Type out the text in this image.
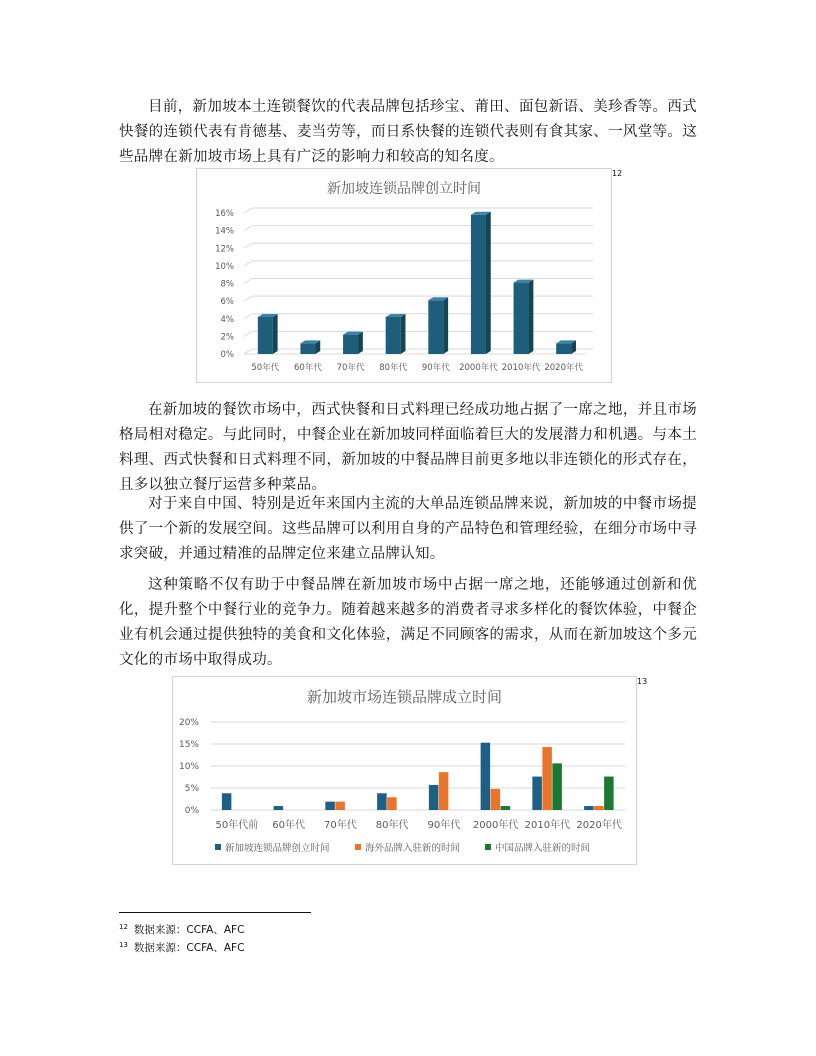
目前，新加坡本土连锁餐饮的代表品牌包括珍宝、莆田、面包新语、美珍香等。西式快餐的连锁代表有肯德基、麦当劳等，而日系快餐的连锁代表则有食其家、一风堂等。这些品牌在新加坡市场上具有广泛的影响力和较高的知名度。
新加坡连锁品牌创立时间
0%
2%
4%
6%
8%
10%
12%
14%
16%
50年代 60年代 70年代 80年代 90年代 2000年代 2010年代 2020年代
12
在新加坡的餐饮市场中，西式快餐和日式料理已经成功地占据了一席之地，并且市场格局相对稳定。与此同时，中餐企业在新加坡同样面临着巨大的发展潜力和机遇。与本土料理、西式快餐和日式料理不同，新加坡的中餐品牌目前更多地以非连锁化的形式存在，且多以独立餐厅运营多种菜品。
对于来自中国、特别是近年来国内主流的大单品连锁品牌来说，新加坡的中餐市场提供了一个新的发展空间。这些品牌可以利用自身的产品特色和管理经验，在细分市场中寻求突破，并通过精准的品牌定位来建立品牌认知。
这种策略不仅有助于中餐品牌在新加坡市场中占据一席之地，还能够通过创新和优化，提升整个中餐行业的竞争力。随着越来越多的消费者寻求多样化的餐饮体验，中餐企业有机会通过提供独特的美食和文化体验，满足不同顾客的需求，从而在新加坡这个多元文化的市场中取得成功。
新加坡市场连锁品牌成立时间
0%
5%
10%
15%
20%
50年代前 60年代 70年代 80年代 90年代 2000年代 2010年代 2020年代
新加坡连锁品牌创立时间	海外品牌入驻新的时间	中国品牌入驻新的时间
13
$^{12}$ 数据来源：CCFA、AFC
$^{13}$ 数据来源：CCFA、AFC
